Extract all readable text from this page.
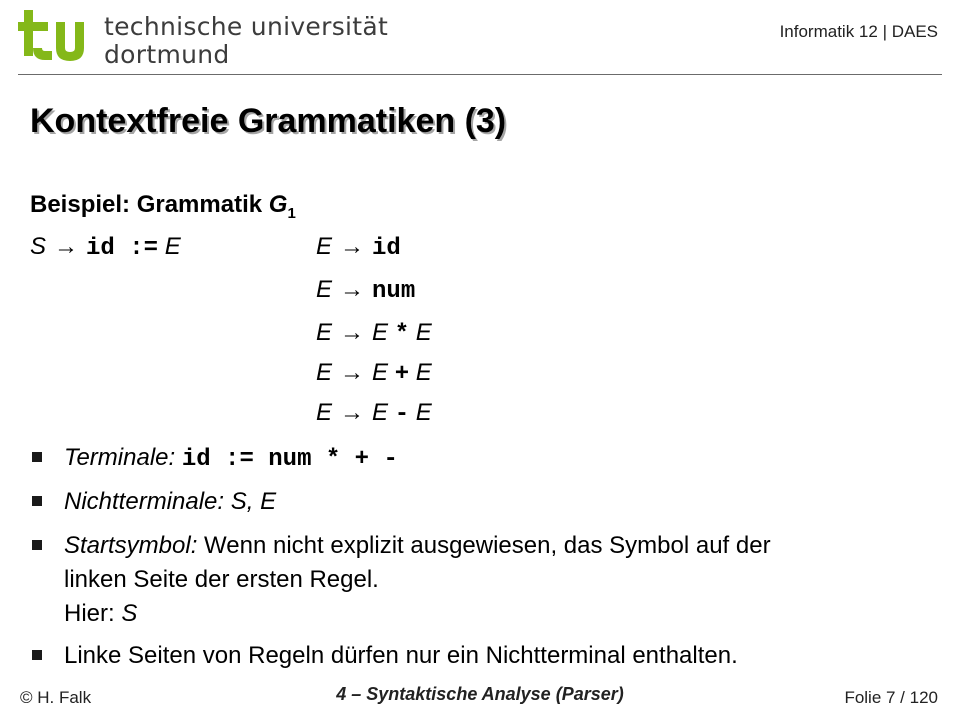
technische universität
dortmund
Informatik 12 | DAES
Kontextfreie Grammatiken (3)
Beispiel: Grammatik $G_1$
S → id := E	E → id
E → num
E → E * E
E → E + E
E → E - E
Terminale: id := num * + -
Nichtterminale: S, E
Startsymbol: Wenn nicht explizit ausgewiesen, das Symbol auf der
linken Seite der ersten Regel.
Hier: S
Linke Seiten von Regeln dürfen nur ein Nichtterminal enthalten.
© H. Falk	4 – Syntaktische Analyse (Parser)	Folie 7 / 120
